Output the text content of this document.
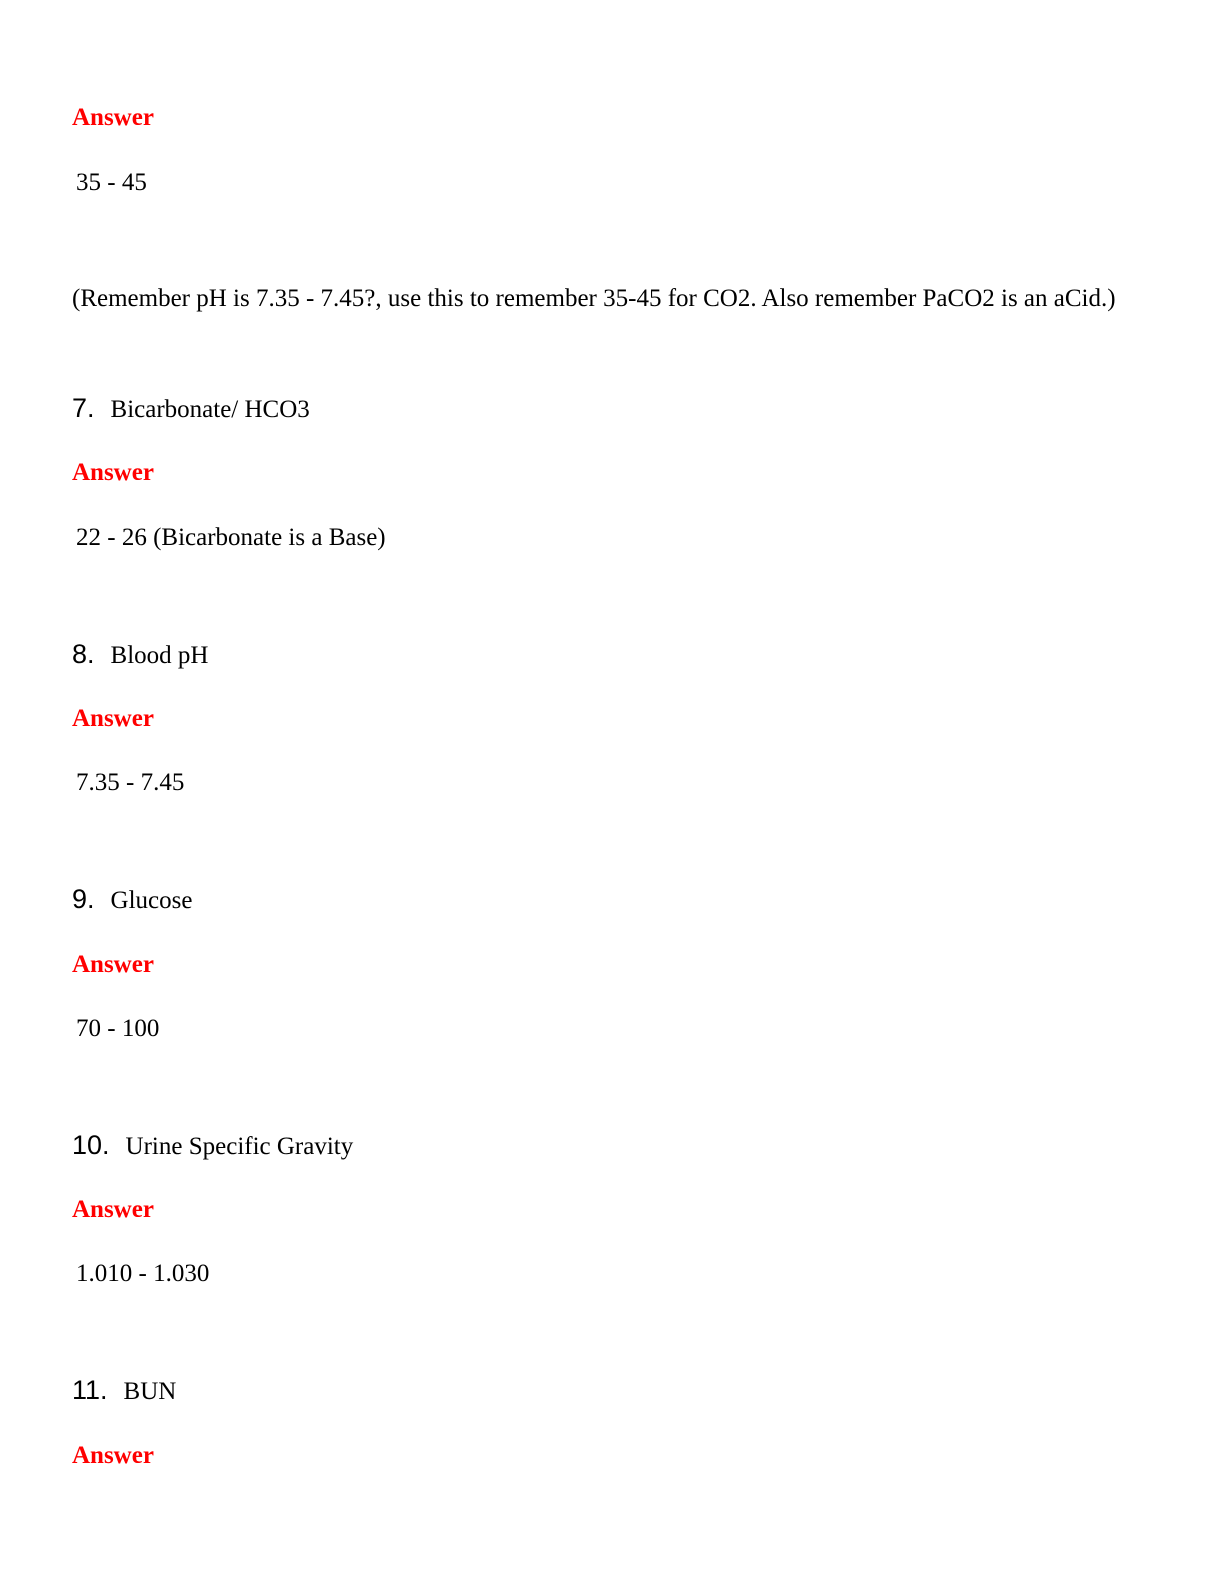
Answer
35 - 45
(Remember pH is 7.35 - 7.45?, use this to remember 35-45 for CO2. Also remember PaCO2 is an aCid.)
7. Bicarbonate/ HCO3
Answer
22 - 26 (Bicarbonate is a Base)
8. Blood pH
Answer
7.35 - 7.45
9. Glucose
Answer
70 - 100
10. Urine Specific Gravity
Answer
1.010 - 1.030
11. BUN
Answer
